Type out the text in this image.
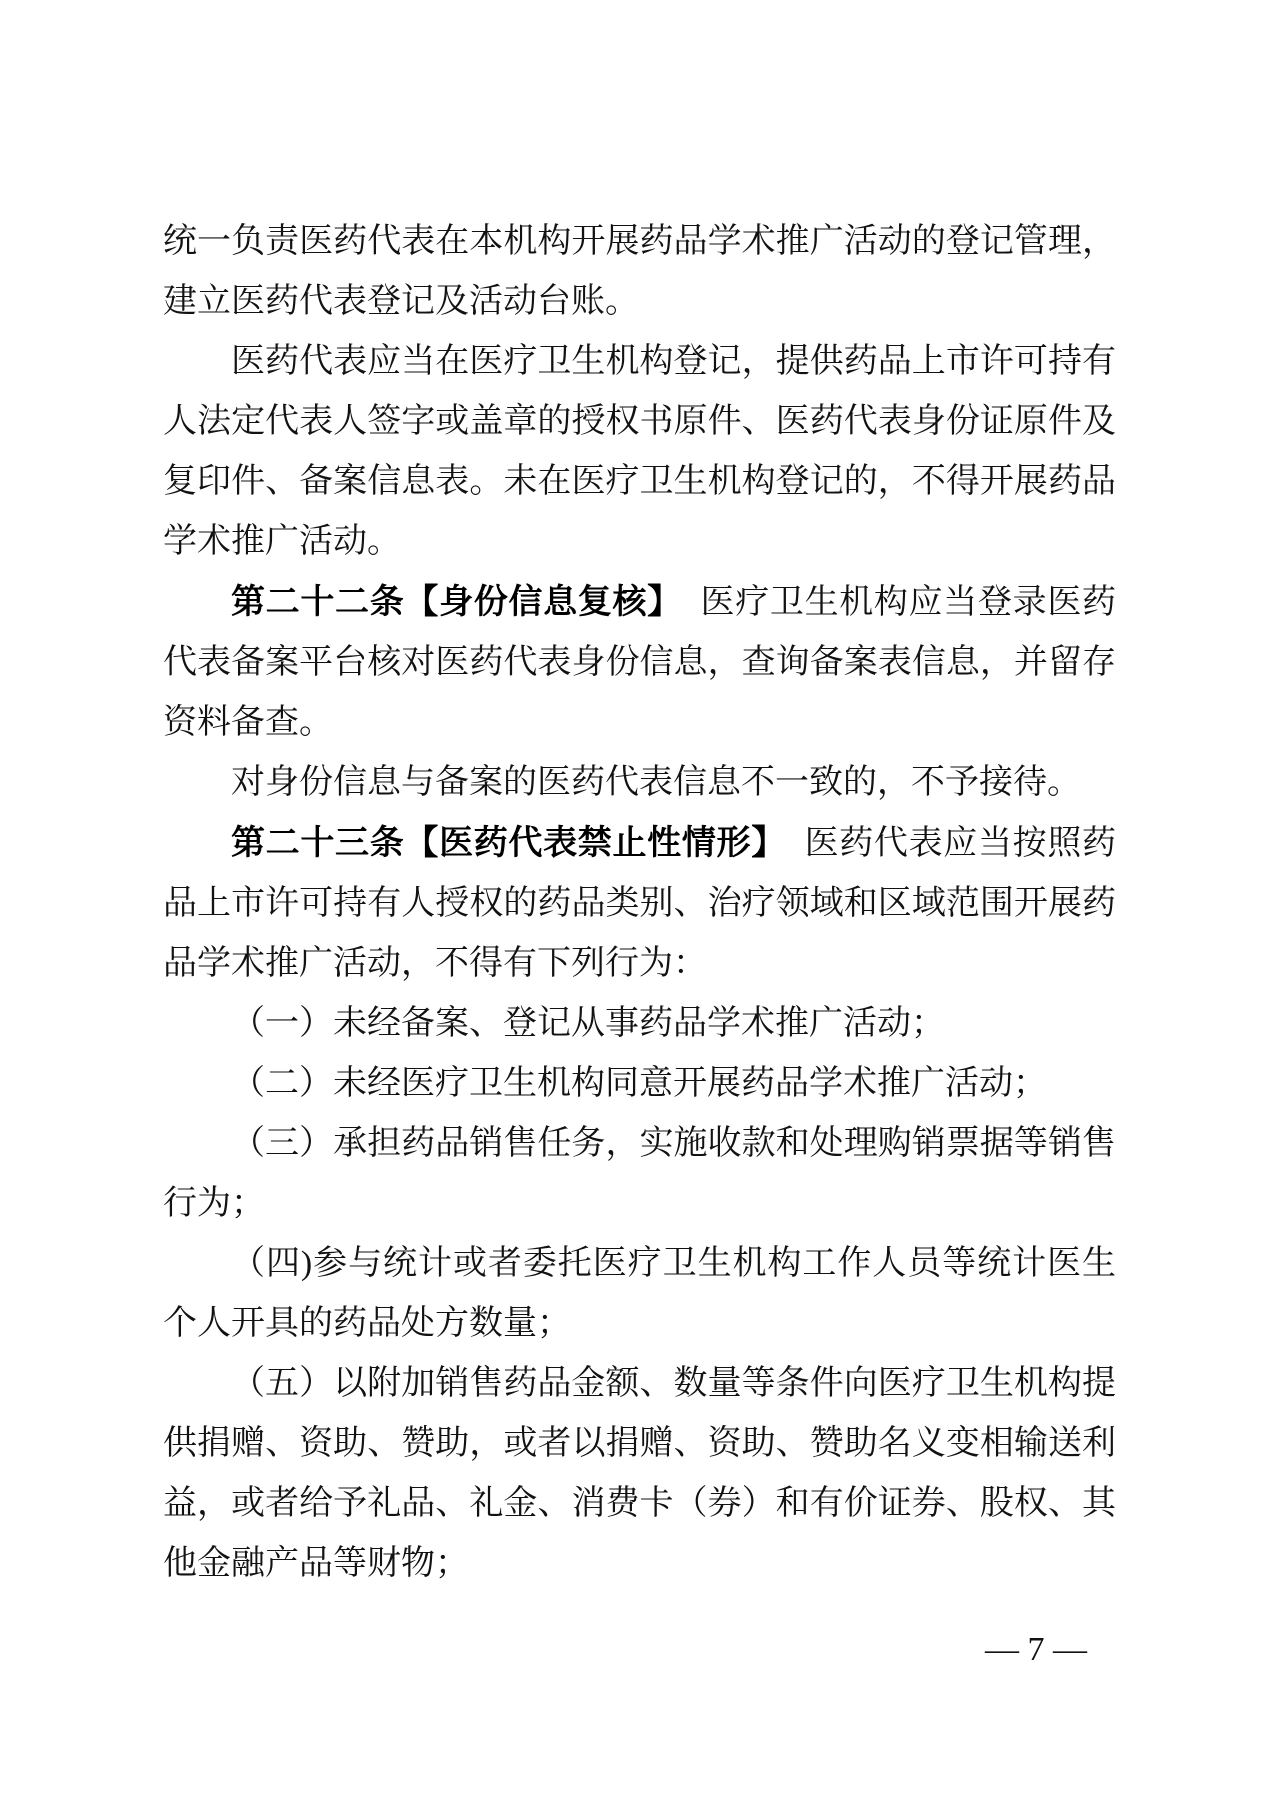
统一负责医药代表在本机构开展药品学术推广活动的登记管理，建立医药代表登记及活动台账。

医药代表应当在医疗卫生机构登记，提供药品上市许可持有人法定代表人签字或盖章的授权书原件、医药代表身份证原件及复印件、备案信息表。未在医疗卫生机构登记的，不得开展药品学术推广活动。

第二十二条【身份信息复核】 医疗卫生机构应当登录医药代表备案平台核对医药代表身份信息，查询备案表信息，并留存资料备查。

对身份信息与备案的医药代表信息不一致的，不予接待。

第二十三条【医药代表禁止性情形】 医药代表应当按照药品上市许可持有人授权的药品类别、治疗领域和区域范围开展药品学术推广活动，不得有下列行为：

（一）未经备案、登记从事药品学术推广活动；

（二）未经医疗卫生机构同意开展药品学术推广活动；

（三）承担药品销售任务，实施收款和处理购销票据等销售行为；

（四)参与统计或者委托医疗卫生机构工作人员等统计医生个人开具的药品处方数量；

（五）以附加销售药品金额、数量等条件向医疗卫生机构提供捐赠、资助、赞助，或者以捐赠、资助、赞助名义变相输送利益，或者给予礼品、礼金、消费卡（券）和有价证券、股权、其他金融产品等财物；

— 7 —
